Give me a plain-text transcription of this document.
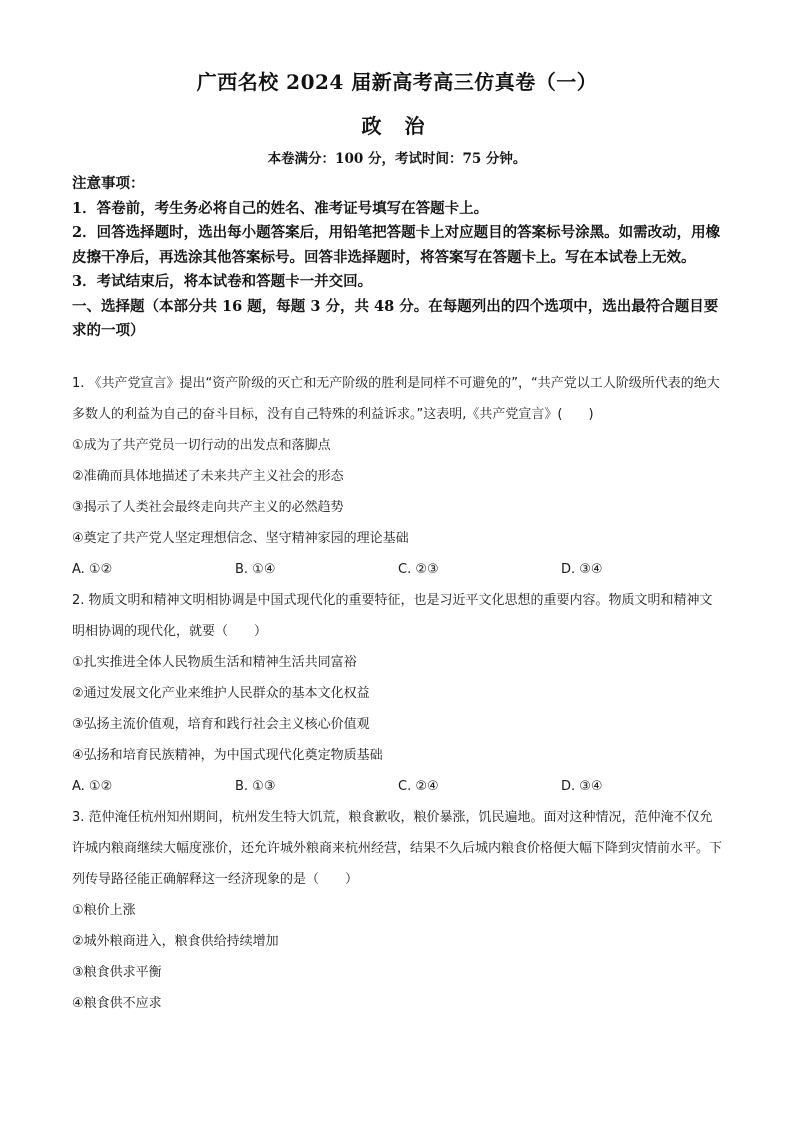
广西名校 2024 届新高考高三仿真卷（一）
政 治
本卷满分：100 分，考试时间：75 分钟。

注意事项：

1．答卷前，考生务必将自己的姓名、准考证号填写在答题卡上。

2．回答选择题时，选出每小题答案后，用铅笔把答题卡上对应题目的答案标号涂黑。如需改动，用橡皮擦干净后，再选涂其他答案标号。回答非选择题时，将答案写在答题卡上。写在本试卷上无效。

3．考试结束后，将本试卷和答题卡一并交回。

一、选择题（本部分共 16 题，每题 3 分，共 48 分。在每题列出的四个选项中，选出最符合题目要求的一项）

1. 《共产党宣言》提出“资产阶级的灭亡和无产阶级的胜利是同样不可避免的”，“共产党以工人阶级所代表的绝大多数人的利益为自己的奋斗目标，没有自己特殊的利益诉求。”这表明,《共产党宣言》(　　)

①成为了共产党员一切行动的出发点和落脚点

②准确而具体地描述了未来共产主义社会的形态

③揭示了人类社会最终走向共产主义的必然趋势

④奠定了共产党人坚定理想信念、坚守精神家园的理论基础

A. ①②	B. ①④	C. ②③	D. ③④

2. 物质文明和精神文明相协调是中国式现代化的重要特征，也是习近平文化思想的重要内容。物质文明和精神文明相协调的现代化，就要（　　）

①扎实推进全体人民物质生活和精神生活共同富裕

②通过发展文化产业来维护人民群众的基本文化权益

③弘扬主流价值观，培育和践行社会主义核心价值观

④弘扬和培育民族精神，为中国式现代化奠定物质基础

A. ①②	B. ①③	C. ②④	D. ③④

3. 范仲淹任杭州知州期间，杭州发生特大饥荒，粮食歉收，粮价暴涨，饥民遍地。面对这种情况，范仲淹不仅允许城内粮商继续大幅度涨价，还允许城外粮商来杭州经营，结果不久后城内粮食价格便大幅下降到灾情前水平。下列传导路径能正确解释这一经济现象的是（　　）

①粮价上涨

②城外粮商进入，粮食供给持续增加

③粮食供求平衡

④粮食供不应求
